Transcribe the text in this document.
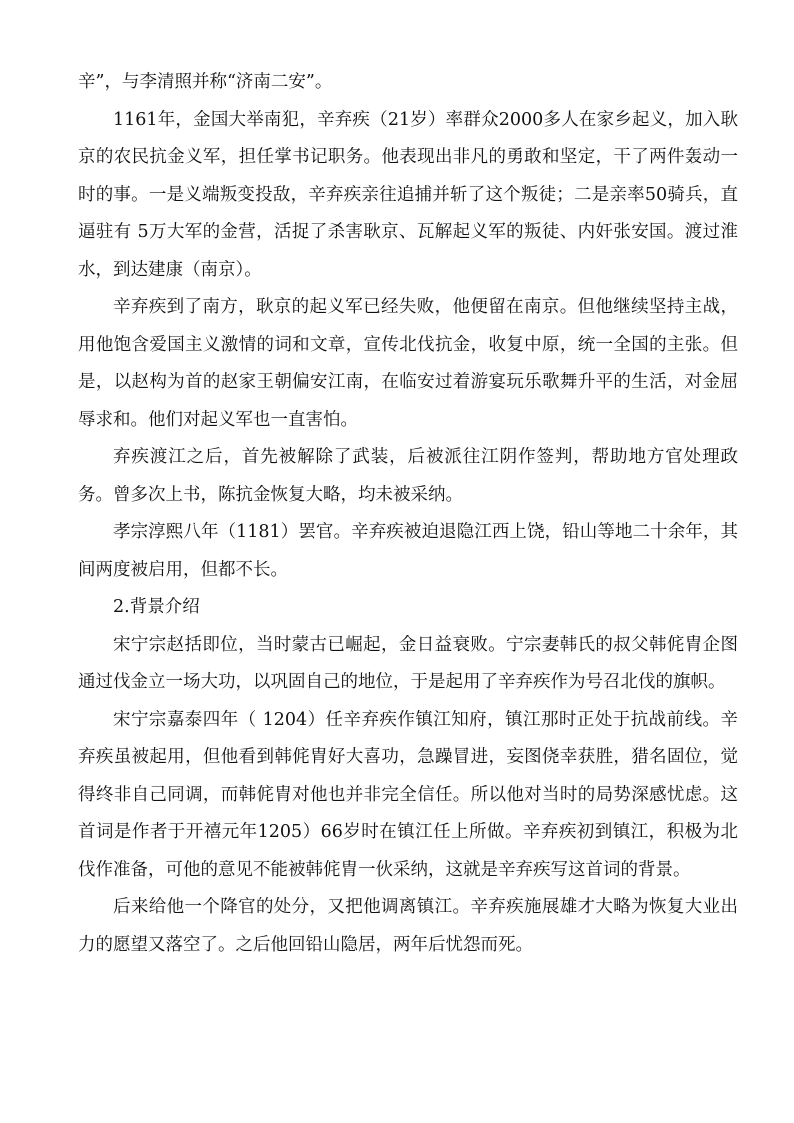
辛”，与李清照并称“济南二安”。

1161年，金国大举南犯，辛弃疾（21岁）率群众2000多人在家乡起义，加入耿京的农民抗金义军，担任掌书记职务。他表现出非凡的勇敢和坚定，干了两件轰动一时的事。一是义端叛变投敌，辛弃疾亲往追捕并斩了这个叛徒；二是亲率50骑兵，直逼驻有 5万大军的金营，活捉了杀害耿京、瓦解起义军的叛徒、内奸张安国。渡过淮水，到达建康（南京）。

辛弃疾到了南方，耿京的起义军已经失败，他便留在南京。但他继续坚持主战，用他饱含爱国主义激情的词和文章，宣传北伐抗金，收复中原，统一全国的主张。但是，以赵构为首的赵家王朝偏安江南，在临安过着游宴玩乐歌舞升平的生活，对金屈辱求和。他们对起义军也一直害怕。

弃疾渡江之后，首先被解除了武装，后被派往江阴作签判，帮助地方官处理政务。曾多次上书，陈抗金恢复大略，均未被采纳。

孝宗淳熙八年（1181）罢官。辛弃疾被迫退隐江西上饶，铅山等地二十余年，其间两度被启用，但都不长。

2.背景介绍

宋宁宗赵括即位，当时蒙古已崛起，金日益衰败。宁宗妻韩氏的叔父韩侂胄企图通过伐金立一场大功，以巩固自己的地位，于是起用了辛弃疾作为号召北伐的旗帜。

宋宁宗嘉泰四年（ 1204）任辛弃疾作镇江知府，镇江那时正处于抗战前线。辛弃疾虽被起用，但他看到韩侂胄好大喜功，急躁冒进，妄图侥幸获胜，猎名固位，觉得终非自己同调，而韩侂胄对他也并非完全信任。所以他对当时的局势深感忧虑。这首词是作者于开禧元年1205）66岁时在镇江任上所做。辛弃疾初到镇江，积极为北伐作准备，可他的意见不能被韩侂胄一伙采纳，这就是辛弃疾写这首词的背景。

后来给他一个降官的处分，又把他调离镇江。辛弃疾施展雄才大略为恢复大业出力的愿望又落空了。之后他回铅山隐居，两年后忧怨而死。
